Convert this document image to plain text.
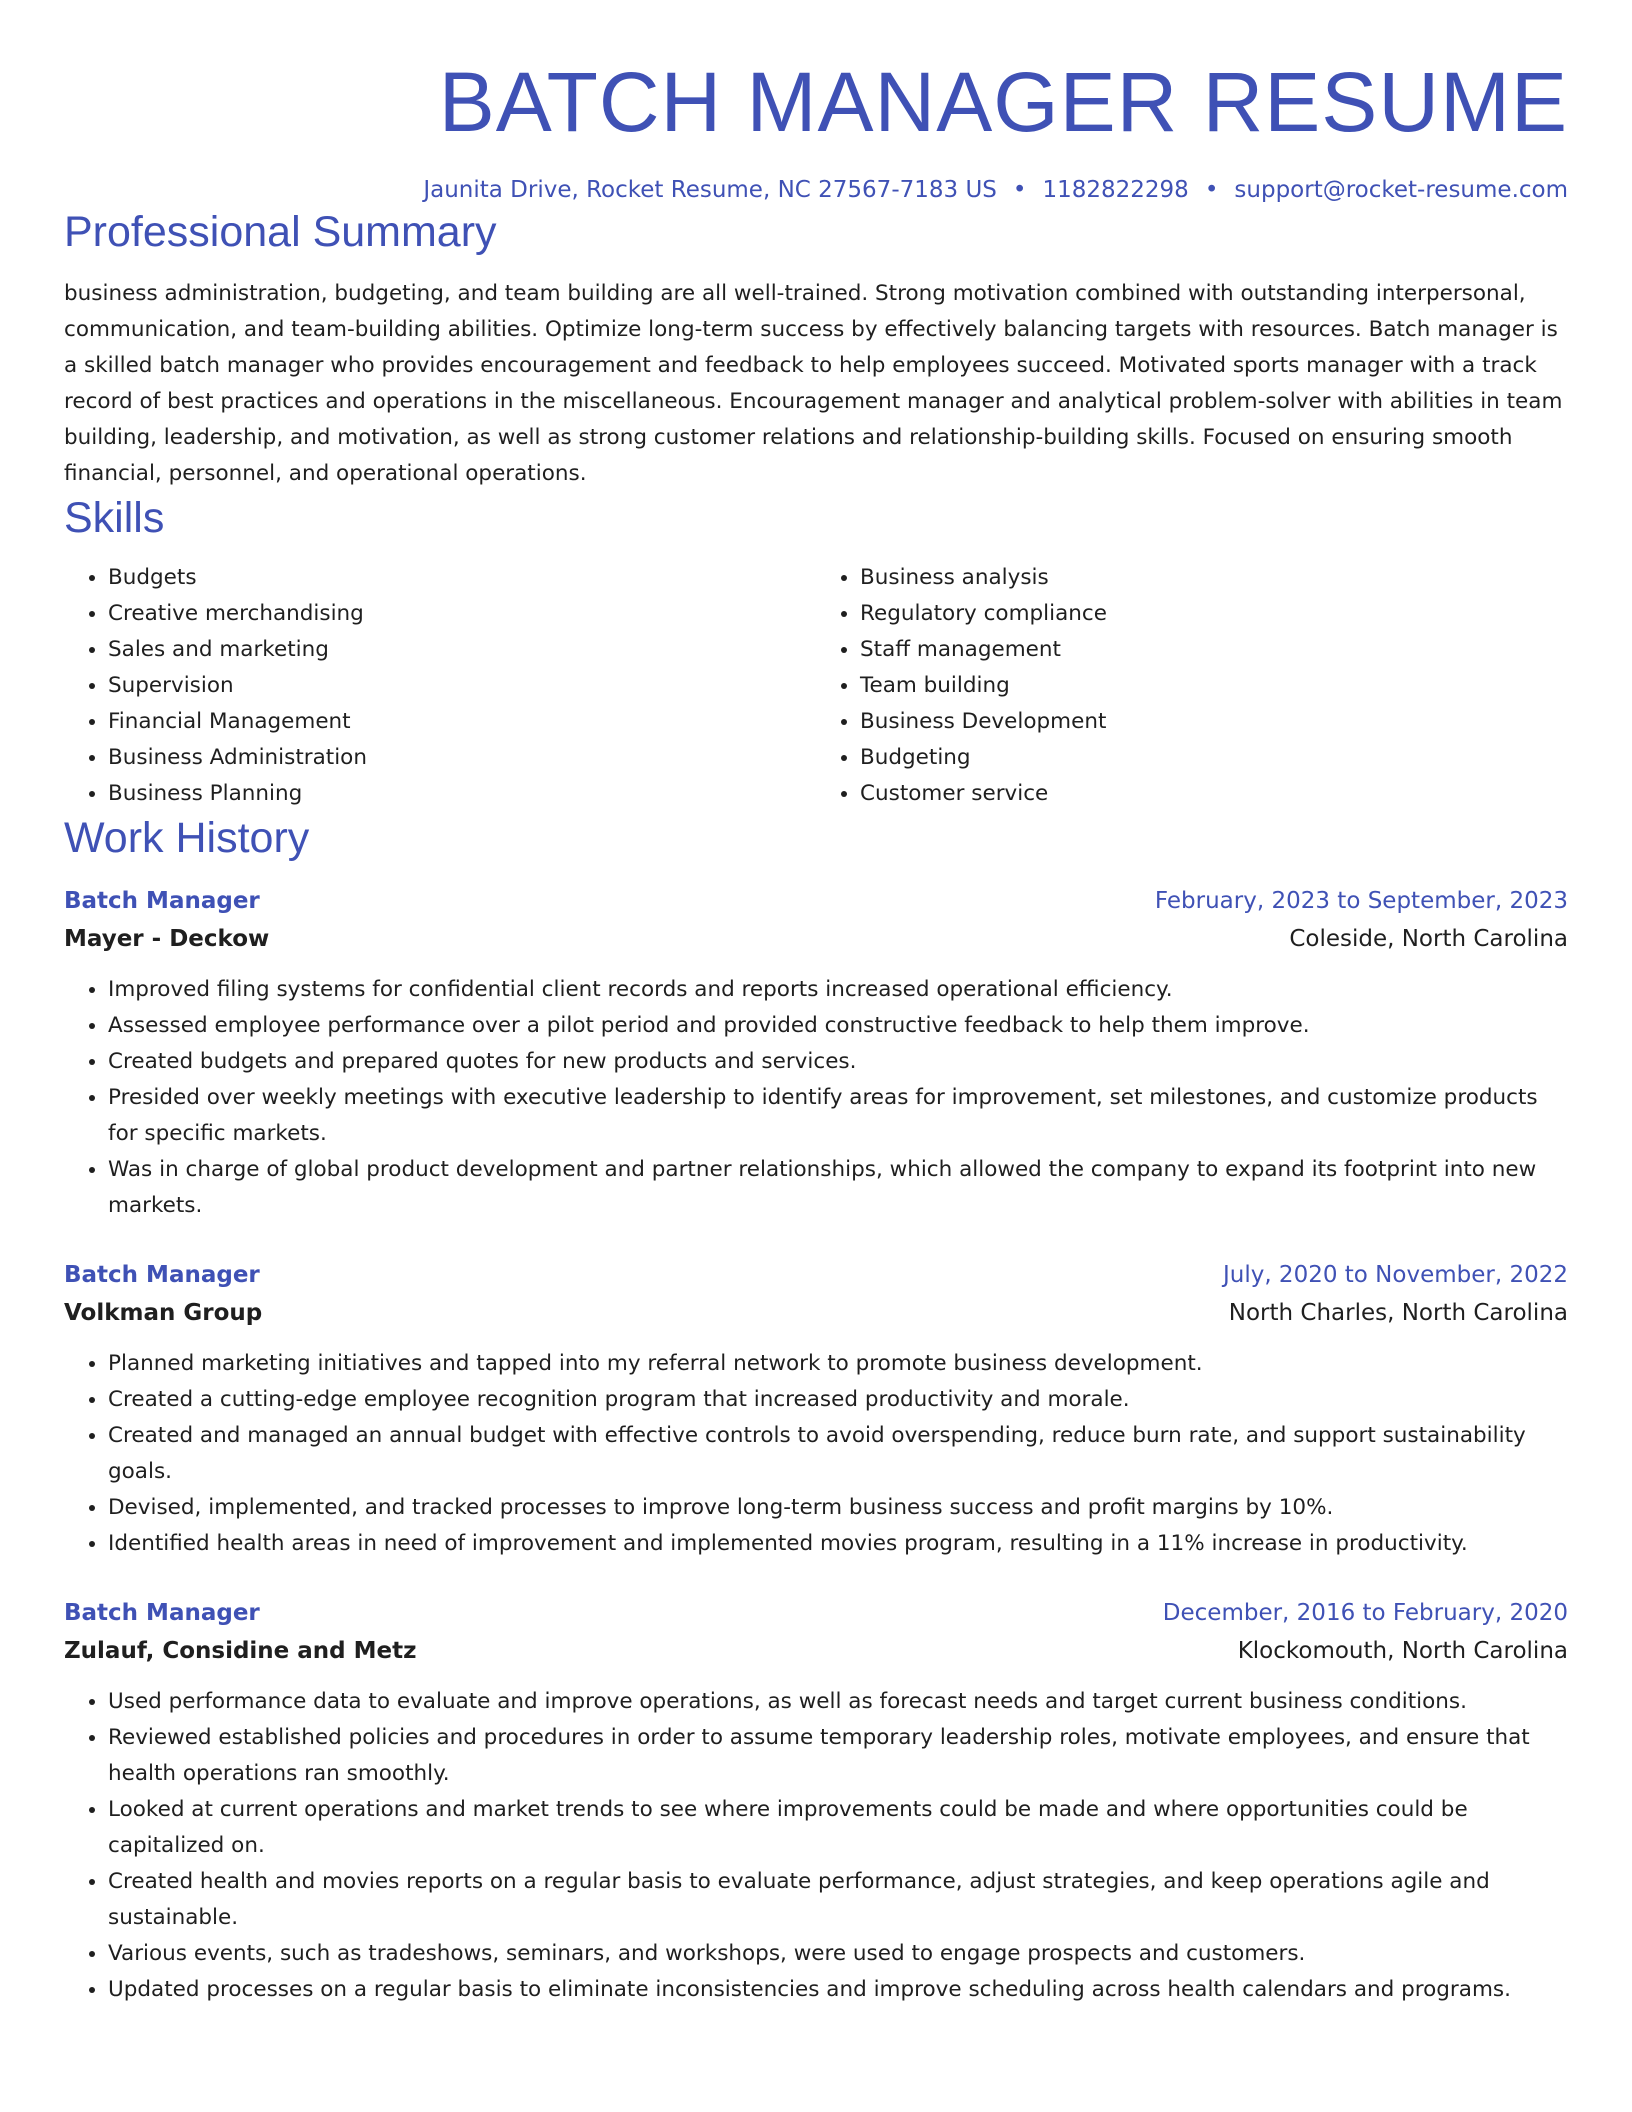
BATCH MANAGER RESUME
Jaunita Drive, Rocket Resume, NC 27567-7183 US • 1182822298 • support@rocket-resume.com
Professional Summary
business administration, budgeting, and team building are all well-trained. Strong motivation combined with outstanding interpersonal, communication, and team-building abilities. Optimize long-term success by effectively balancing targets with resources. Batch manager is a skilled batch manager who provides encouragement and feedback to help employees succeed. Motivated sports manager with a track record of best practices and operations in the miscellaneous. Encouragement manager and analytical problem-solver with abilities in team building, leadership, and motivation, as well as strong customer relations and relationship-building skills. Focused on ensuring smooth financial, personnel, and operational operations.
Skills
• Budgets
• Creative merchandising
• Sales and marketing
• Supervision
• Financial Management
• Business Administration
• Business Planning
• Business analysis
• Regulatory compliance
• Staff management
• Team building
• Business Development
• Budgeting
• Customer service
Work History
Batch Manager	February, 2023 to September, 2023
Mayer - Deckow	Coleside, North Carolina
• Improved filing systems for confidential client records and reports increased operational efficiency.
• Assessed employee performance over a pilot period and provided constructive feedback to help them improve.
• Created budgets and prepared quotes for new products and services.
• Presided over weekly meetings with executive leadership to identify areas for improvement, set milestones, and customize products for specific markets.
• Was in charge of global product development and partner relationships, which allowed the company to expand its footprint into new markets.
Batch Manager	July, 2020 to November, 2022
Volkman Group	North Charles, North Carolina
• Planned marketing initiatives and tapped into my referral network to promote business development.
• Created a cutting-edge employee recognition program that increased productivity and morale.
• Created and managed an annual budget with effective controls to avoid overspending, reduce burn rate, and support sustainability goals.
• Devised, implemented, and tracked processes to improve long-term business success and profit margins by 10%.
• Identified health areas in need of improvement and implemented movies program, resulting in a 11% increase in productivity.
Batch Manager	December, 2016 to February, 2020
Zulauf, Considine and Metz	Klockomouth, North Carolina
• Used performance data to evaluate and improve operations, as well as forecast needs and target current business conditions.
• Reviewed established policies and procedures in order to assume temporary leadership roles, motivate employees, and ensure that health operations ran smoothly.
• Looked at current operations and market trends to see where improvements could be made and where opportunities could be capitalized on.
• Created health and movies reports on a regular basis to evaluate performance, adjust strategies, and keep operations agile and sustainable.
• Various events, such as tradeshows, seminars, and workshops, were used to engage prospects and customers.
• Updated processes on a regular basis to eliminate inconsistencies and improve scheduling across health calendars and programs.
